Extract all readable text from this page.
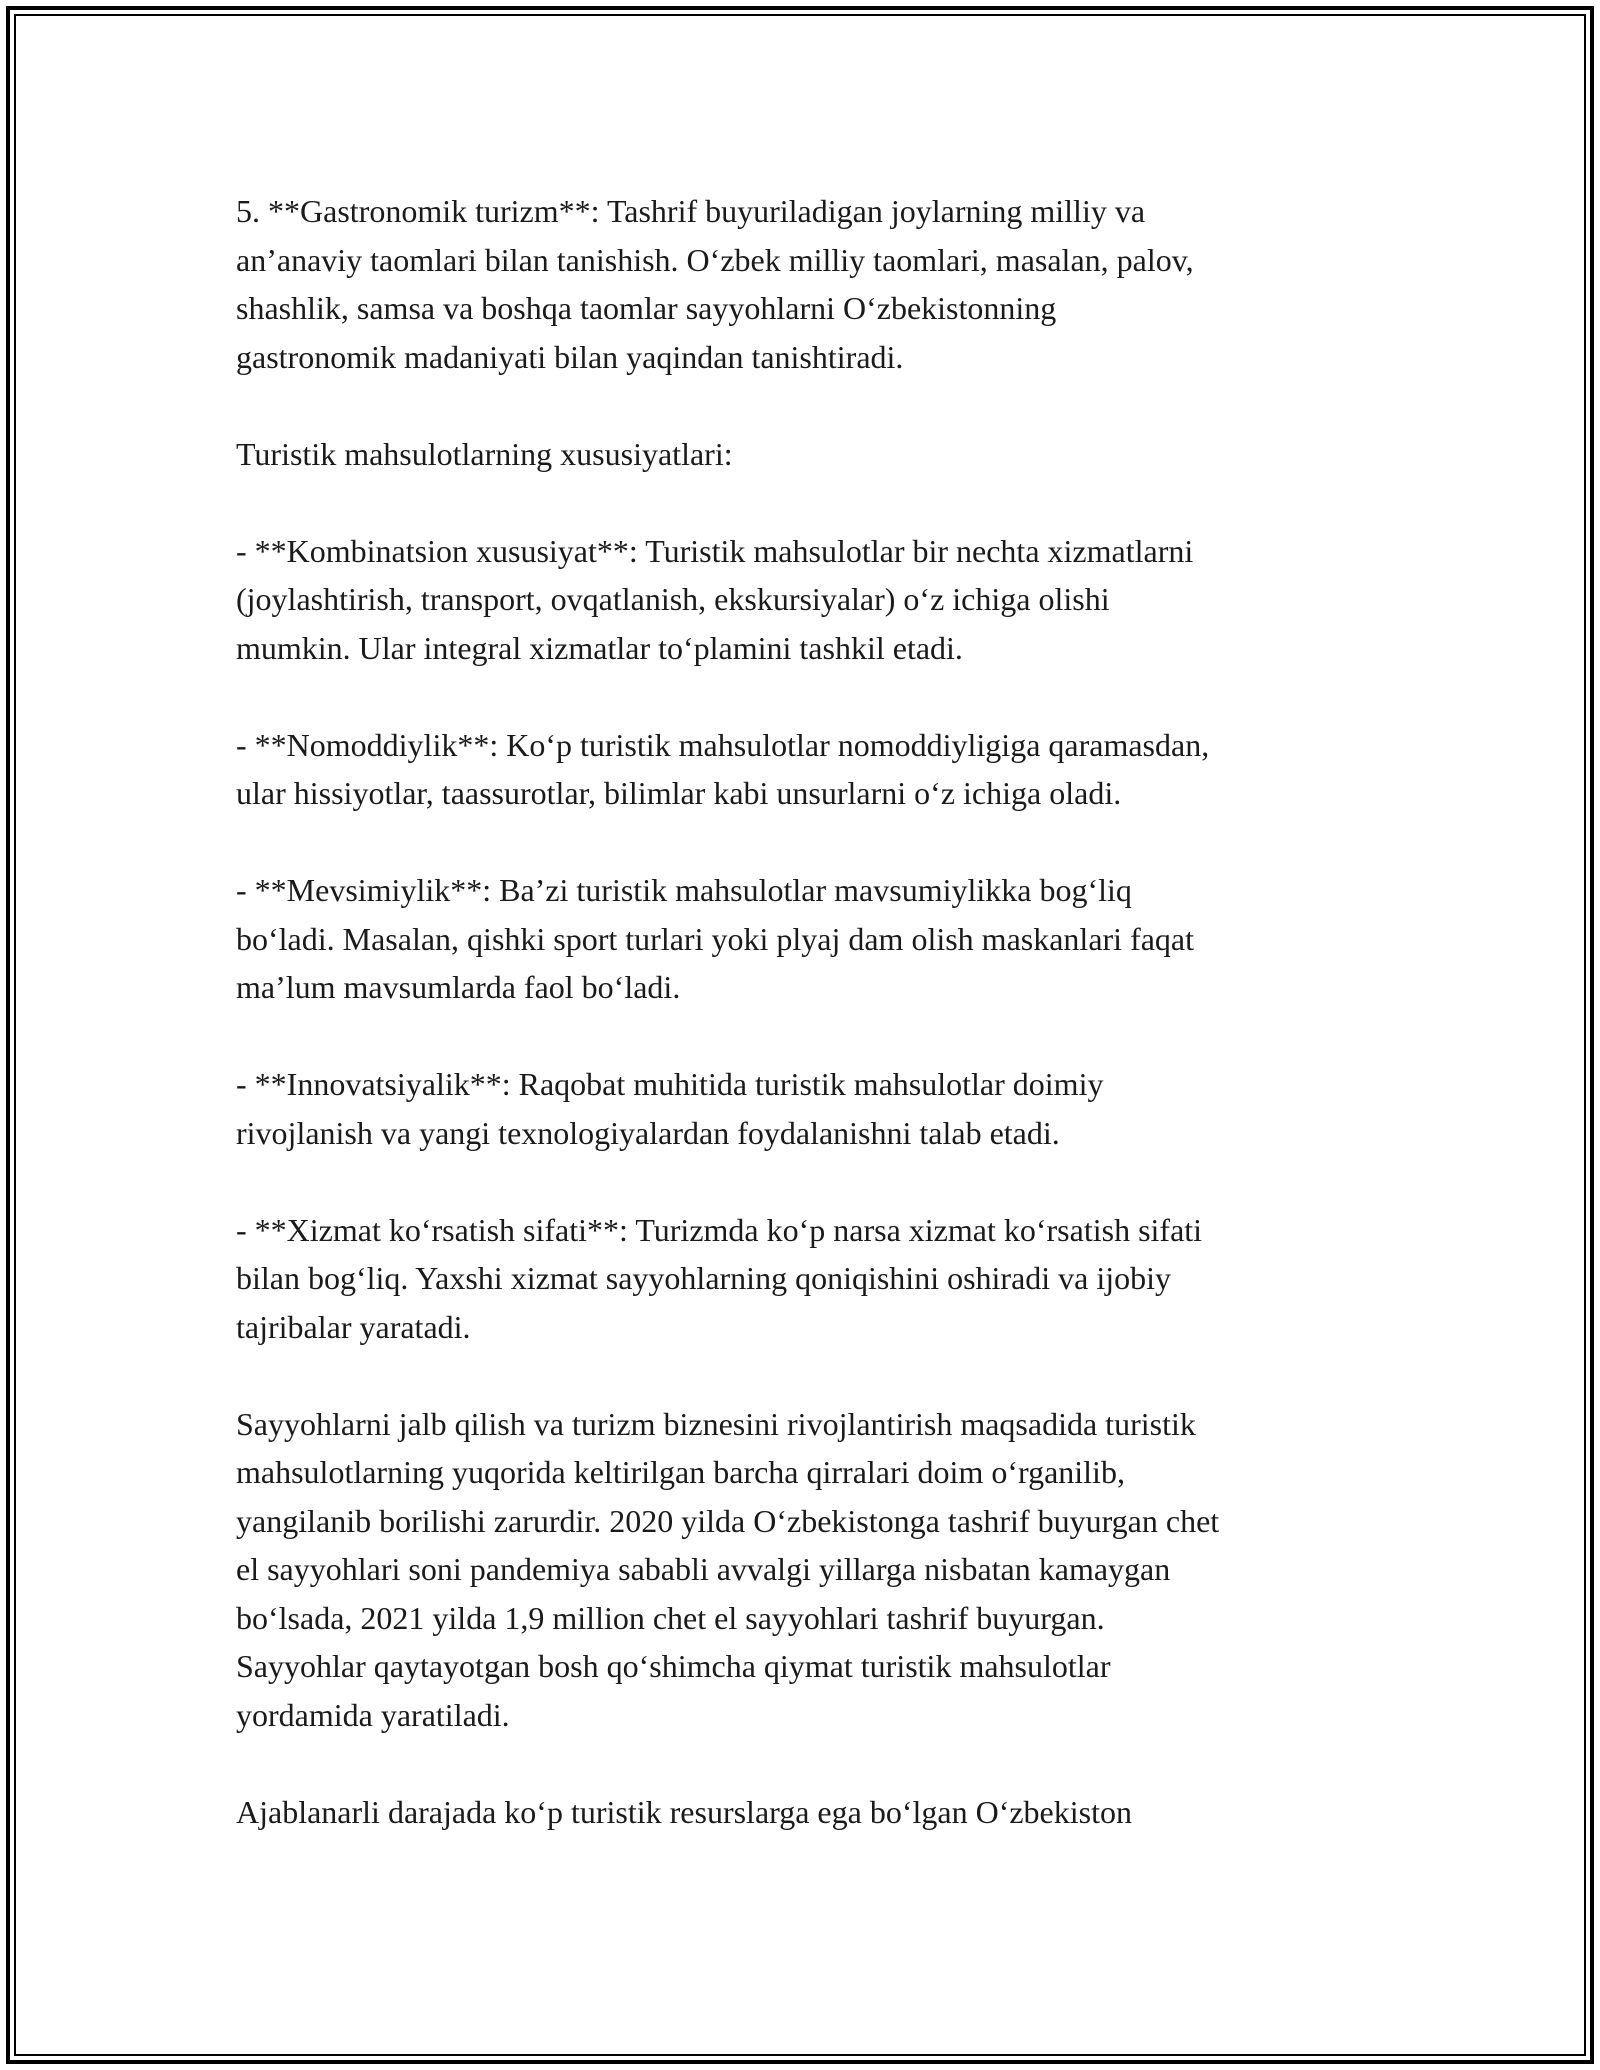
5. **Gastronomik turizm**: Tashrif buyuriladigan joylarning milliy va
an’anaviy taomlari bilan tanishish. O‘zbek milliy taomlari, masalan, palov,
shashlik, samsa va boshqa taomlar sayyohlarni O‘zbekistonning
gastronomik madaniyati bilan yaqindan tanishtiradi.

Turistik mahsulotlarning xususiyatlari:

- **Kombinatsion xususiyat**: Turistik mahsulotlar bir nechta xizmatlarni
(joylashtirish, transport, ovqatlanish, ekskursiyalar) o‘z ichiga olishi
mumkin. Ular integral xizmatlar to‘plamini tashkil etadi.

- **Nomoddiylik**: Ko‘p turistik mahsulotlar nomoddiyligiga qaramasdan,
ular hissiyotlar, taassurotlar, bilimlar kabi unsurlarni o‘z ichiga oladi.

- **Mevsimiylik**: Ba’zi turistik mahsulotlar mavsumiylikka bog‘liq
bo‘ladi. Masalan, qishki sport turlari yoki plyaj dam olish maskanlari faqat
ma’lum mavsumlarda faol bo‘ladi.

- **Innovatsiyalik**: Raqobat muhitida turistik mahsulotlar doimiy
rivojlanish va yangi texnologiyalardan foydalanishni talab etadi.

- **Xizmat ko‘rsatish sifati**: Turizmda ko‘p narsa xizmat ko‘rsatish sifati
bilan bog‘liq. Yaxshi xizmat sayyohlarning qoniqishini oshiradi va ijobiy
tajribalar yaratadi.

Sayyohlarni jalb qilish va turizm biznesini rivojlantirish maqsadida turistik
mahsulotlarning yuqorida keltirilgan barcha qirralari doim o‘rganilib,
yangilanib borilishi zarurdir. 2020 yilda O‘zbekistonga tashrif buyurgan chet
el sayyohlari soni pandemiya sababli avvalgi yillarga nisbatan kamaygan
bo‘lsada, 2021 yilda 1,9 million chet el sayyohlari tashrif buyurgan.
Sayyohlar qaytayotgan bosh qo‘shimcha qiymat turistik mahsulotlar
yordamida yaratiladi.

Ajablanarli darajada ko‘p turistik resurslarga ega bo‘lgan O‘zbekiston
